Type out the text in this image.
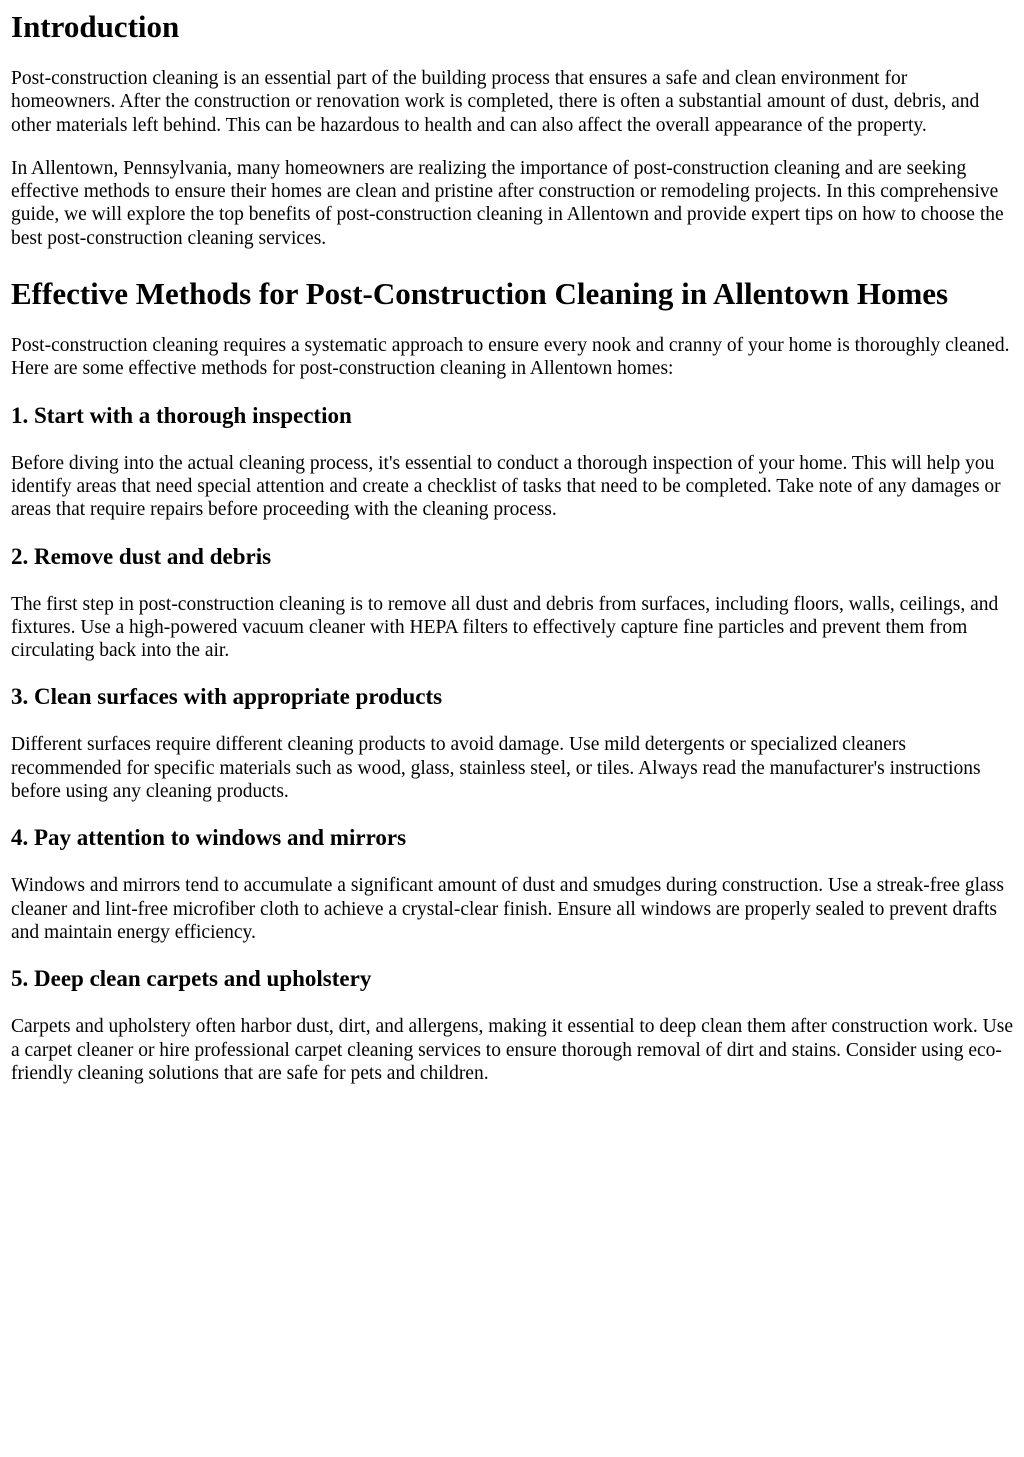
Introduction

Post-construction cleaning is an essential part of the building process that ensures a safe and clean environment for homeowners. After the construction or renovation work is completed, there is often a substantial amount of dust, debris, and other materials left behind. This can be hazardous to health and can also affect the overall appearance of the property.

In Allentown, Pennsylvania, many homeowners are realizing the importance of post-construction cleaning and are seeking effective methods to ensure their homes are clean and pristine after construction or remodeling projects. In this comprehensive guide, we will explore the top benefits of post-construction cleaning in Allentown and provide expert tips on how to choose the best post-construction cleaning services.

Effective Methods for Post-Construction Cleaning in Allentown Homes

Post-construction cleaning requires a systematic approach to ensure every nook and cranny of your home is thoroughly cleaned. Here are some effective methods for post-construction cleaning in Allentown homes:

1. Start with a thorough inspection

Before diving into the actual cleaning process, it's essential to conduct a thorough inspection of your home. This will help you identify areas that need special attention and create a checklist of tasks that need to be completed. Take note of any damages or areas that require repairs before proceeding with the cleaning process.

2. Remove dust and debris

The first step in post-construction cleaning is to remove all dust and debris from surfaces, including floors, walls, ceilings, and fixtures. Use a high-powered vacuum cleaner with HEPA filters to effectively capture fine particles and prevent them from circulating back into the air.

3. Clean surfaces with appropriate products

Different surfaces require different cleaning products to avoid damage. Use mild detergents or specialized cleaners recommended for specific materials such as wood, glass, stainless steel, or tiles. Always read the manufacturer's instructions before using any cleaning products.

4. Pay attention to windows and mirrors

Windows and mirrors tend to accumulate a significant amount of dust and smudges during construction. Use a streak-free glass cleaner and lint-free microfiber cloth to achieve a crystal-clear finish. Ensure all windows are properly sealed to prevent drafts and maintain energy efficiency.

5. Deep clean carpets and upholstery

Carpets and upholstery often harbor dust, dirt, and allergens, making it essential to deep clean them after construction work. Use a carpet cleaner or hire professional carpet cleaning services to ensure thorough removal of dirt and stains. Consider using eco-friendly cleaning solutions that are safe for pets and children.
